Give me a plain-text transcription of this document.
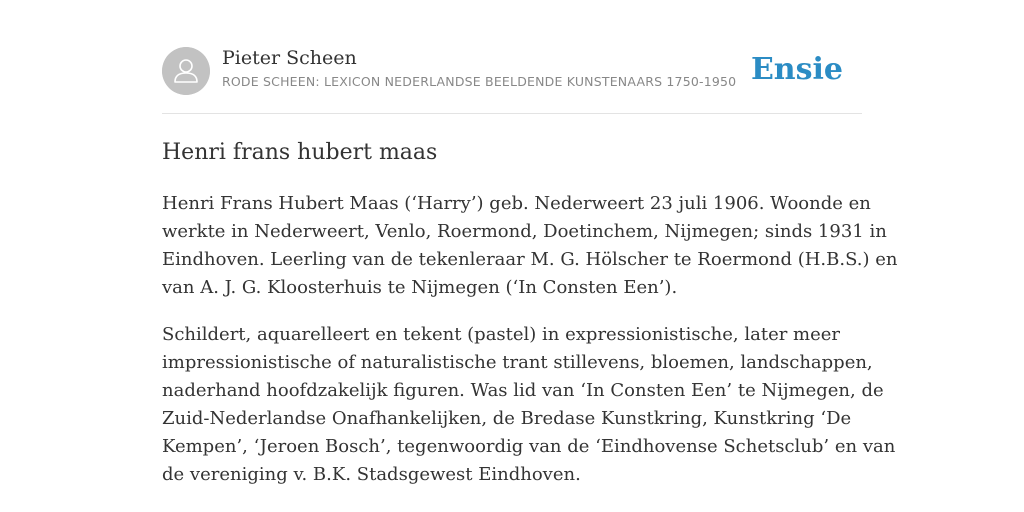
Pieter Scheen
RODE SCHEEN: LEXICON NEDERLANDSE BEELDENDE KUNSTENAARS 1750-1950 Ensie
Henri frans hubert maas
Henri Frans Hubert Maas (‘Harry’) geb. Nederweert 23 juli 1906. Woonde en
werkte in Nederweert, Venlo, Roermond, Doetinchem, Nijmegen; sinds 1931 in
Eindhoven. Leerling van de tekenleraar M. G. Hölscher te Roermond (H.B.S.) en
van A. J. G. Kloosterhuis te Nijmegen (‘In Consten Een’).
Schildert, aquarelleert en tekent (pastel) in expressionistische, later meer
impressionistische of naturalistische trant stillevens, bloemen, landschappen,
naderhand hoofdzakelijk figuren. Was lid van ‘In Consten Een’ te Nijmegen, de
Zuid-Nederlandse Onafhankelijken, de Bredase Kunstkring, Kunstkring ‘De
Kempen’, ‘Jeroen Bosch’, tegenwoordig van de ‘Eindhovense Schetsclub’ en van
de vereniging v. B.K. Stadsgewest Eindhoven.
